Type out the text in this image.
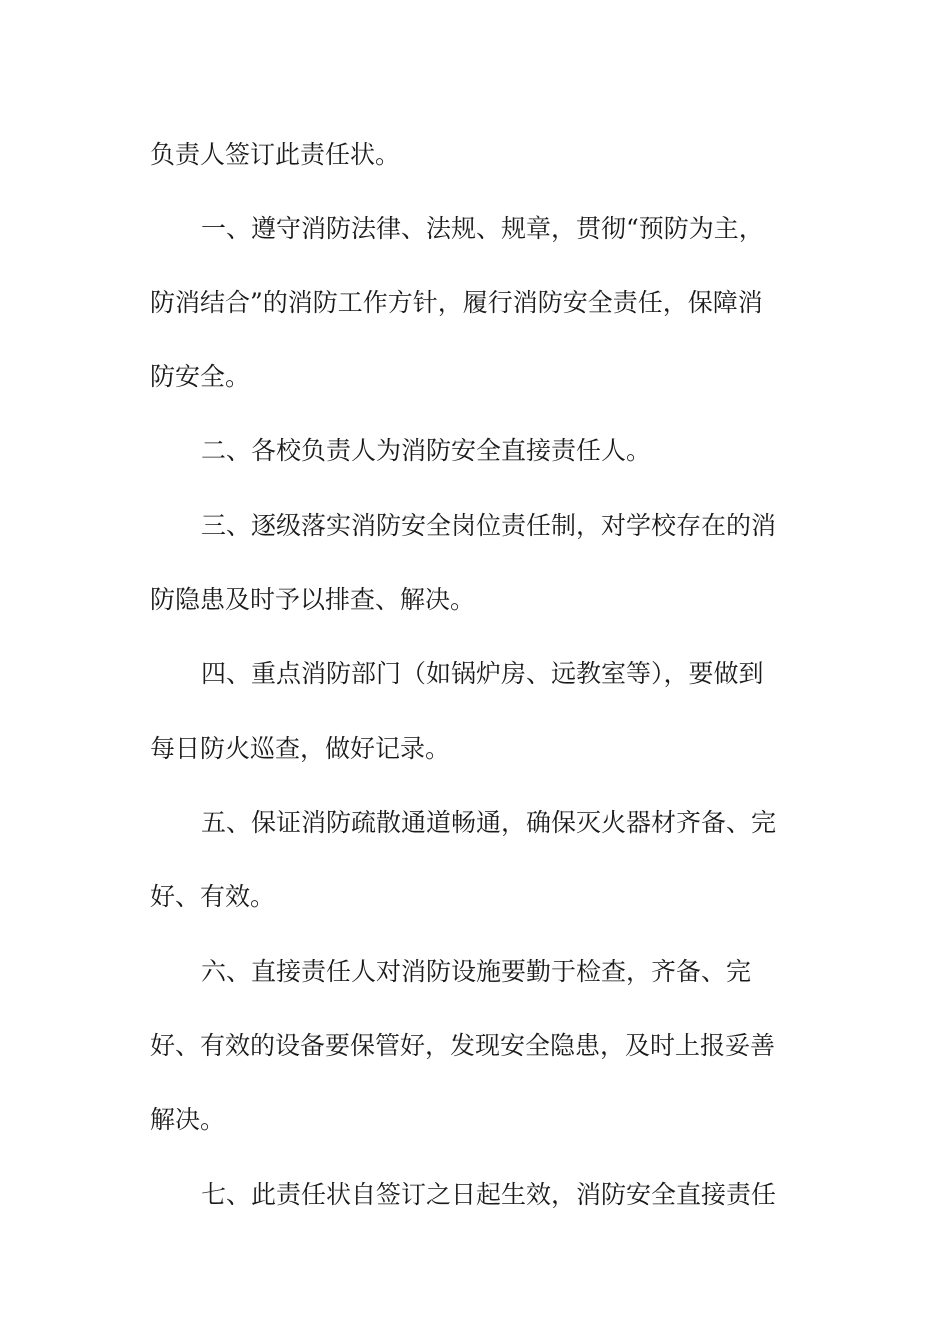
负责人签订此责任状。
一、遵守消防法律、法规、规章，贯彻“预防为主，
防消结合”的消防工作方针，履行消防安全责任，保障消
防安全。
二、各校负责人为消防安全直接责任人。
三、逐级落实消防安全岗位责任制，对学校存在的消
防隐患及时予以排查、解决。
四、重点消防部门（如锅炉房、远教室等），要做到
每日防火巡查，做好记录。
五、保证消防疏散通道畅通，确保灭火器材齐备、完
好、有效。
六、直接责任人对消防设施要勤于检查，齐备、完
好、有效的设备要保管好，发现安全隐患，及时上报妥善
解决。
七、此责任状自签订之日起生效，消防安全直接责任
